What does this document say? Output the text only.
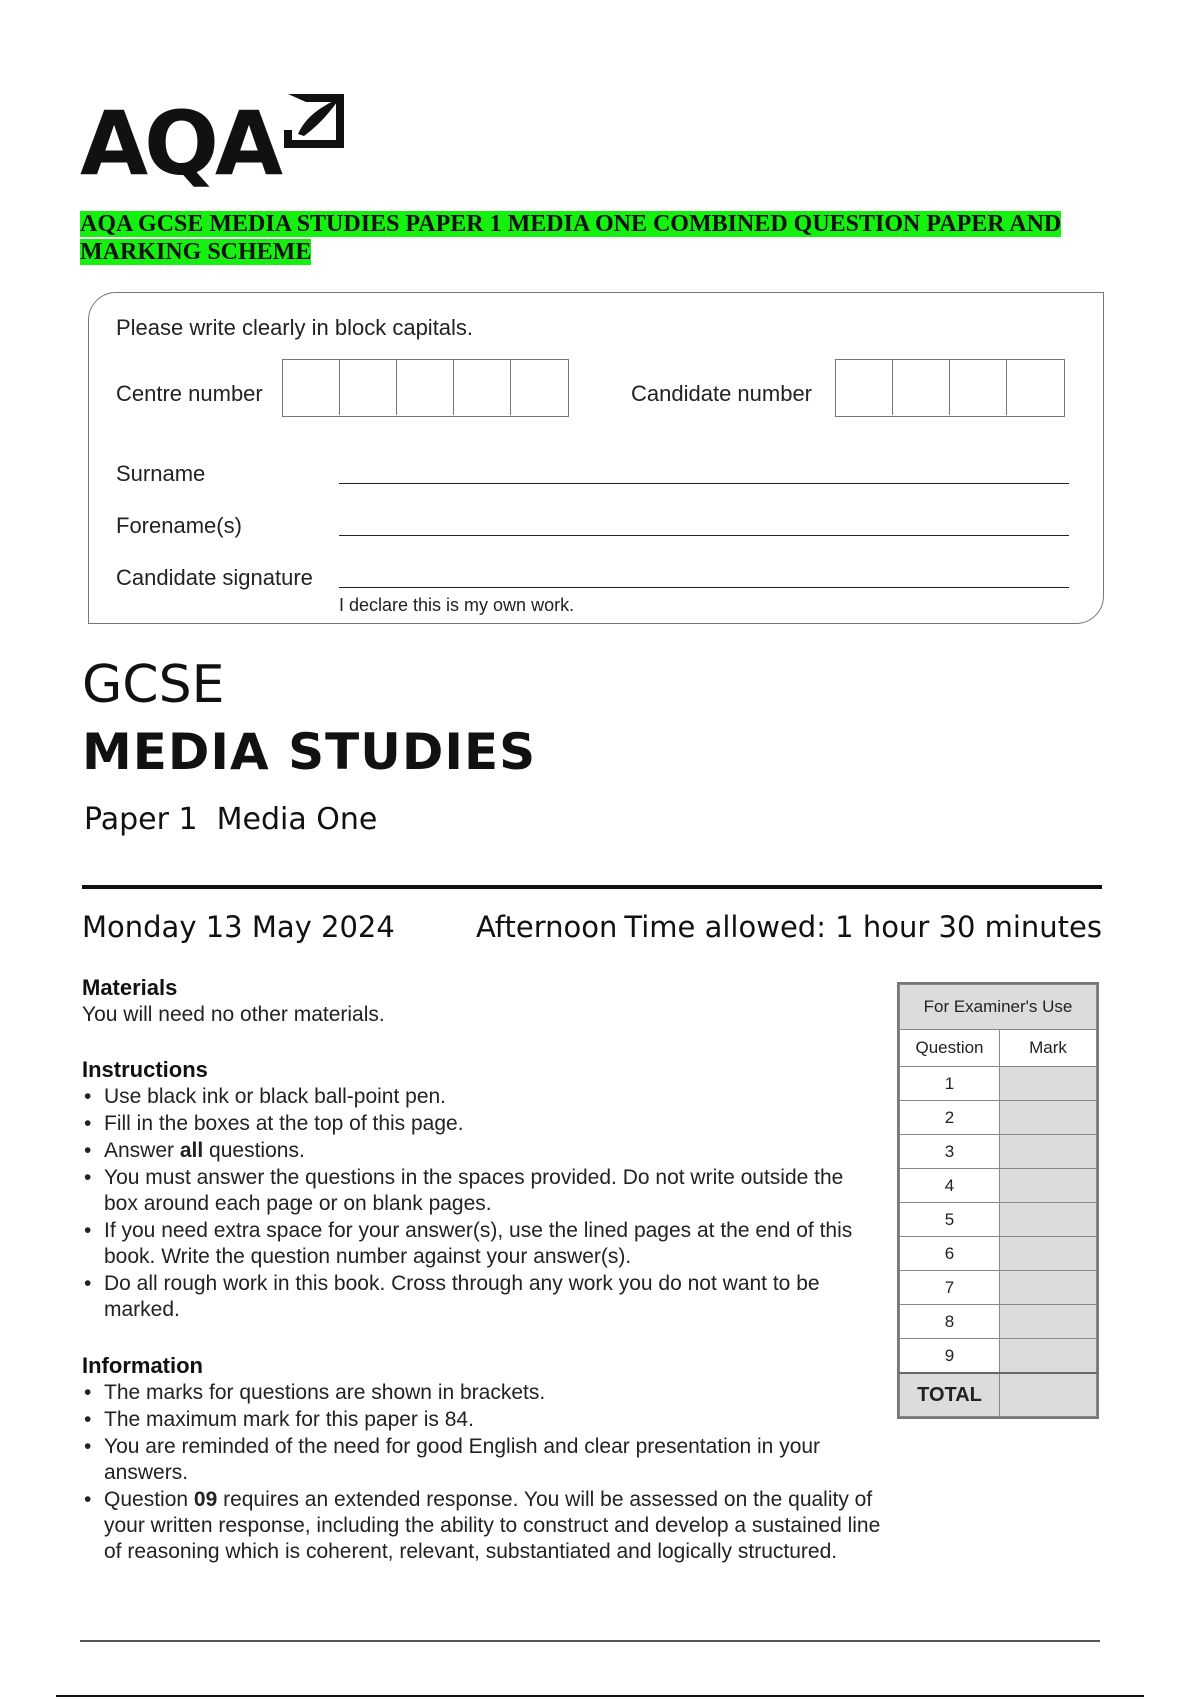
AQA
AQA GCSE MEDIA STUDIES PAPER 1 MEDIA ONE COMBINED QUESTION PAPER AND MARKING SCHEME
Please write clearly in block capitals.
Centre number	Candidate number
Surname
Forename(s)
Candidate signature
I declare this is my own work.
GCSE
MEDIA STUDIES
Paper 1  Media One
Monday 13 May 2024	Afternoon Time allowed: 1 hour 30 minutes
Materials
You will need no other materials.
Instructions
• Use black ink or black ball-point pen.
• Fill in the boxes at the top of this page.
• Answer all questions.
• You must answer the questions in the spaces provided. Do not write outside the box around each page or on blank pages.
• If you need extra space for your answer(s), use the lined pages at the end of this book. Write the question number against your answer(s).
• Do all rough work in this book. Cross through any work you do not want to be marked.
Information
• The marks for questions are shown in brackets.
• The maximum mark for this paper is 84.
• You are reminded of the need for good English and clear presentation in your answers.
• Question 09 requires an extended response. You will be assessed on the quality of your written response, including the ability to construct and develop a sustained line of reasoning which is coherent, relevant, substantiated and logically structured.
For Examiner's Use	
Question	Mark
1	
2	
3	
4	
5	
6	
7	
8	
9	
TOTAL	
